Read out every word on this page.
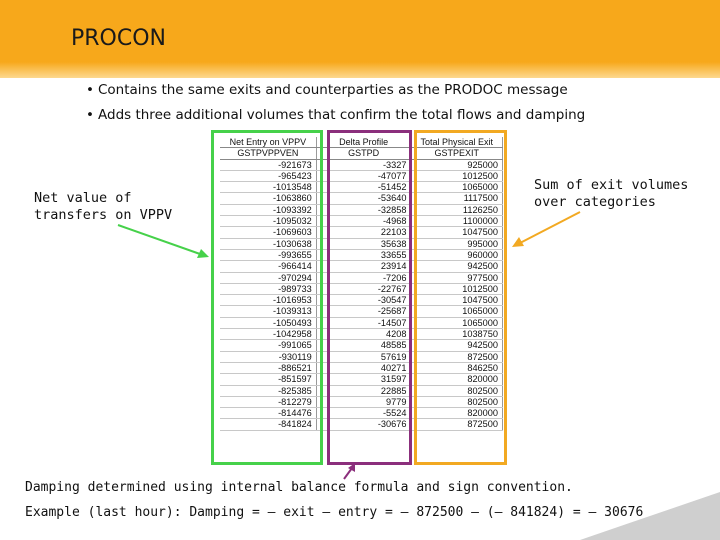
PROCON
• Contains the same exits and counterparties as the PRODOC message
• Adds three additional volumes that confirm the total flows and damping
Net Entry on VPPV	Delta Profile	Total Physical Exit
GSTPVPPVEN	GSTPD	GSTPEXIT
-921673	-3327	925000
-965423	-47077	1012500
-1013548	-51452	1065000
-1063860	-53640	1117500
-1093392	-32858	1126250
-1095032	-4968	1100000
-1069603	22103	1047500
-1030638	35638	995000
-993655	33655	960000
-966414	23914	942500
-970294	-7206	977500
-989733	-22767	1012500
-1016953	-30547	1047500
-1039313	-25687	1065000
-1050493	-14507	1065000
-1042958	4208	1038750
-991065	48585	942500
-930119	57619	872500
-886521	40271	846250
-851597	31597	820000
-825385	22885	802500
-812279	9779	802500
-814476	-5524	820000
-841824	-30676	872500
Net value of
transfers on VPPV
Sum of exit volumes
over categories
Damping determined using internal balance formula and sign convention.
Example (last hour): Damping = – exit – entry = – 872500 – (– 841824) = – 30676
